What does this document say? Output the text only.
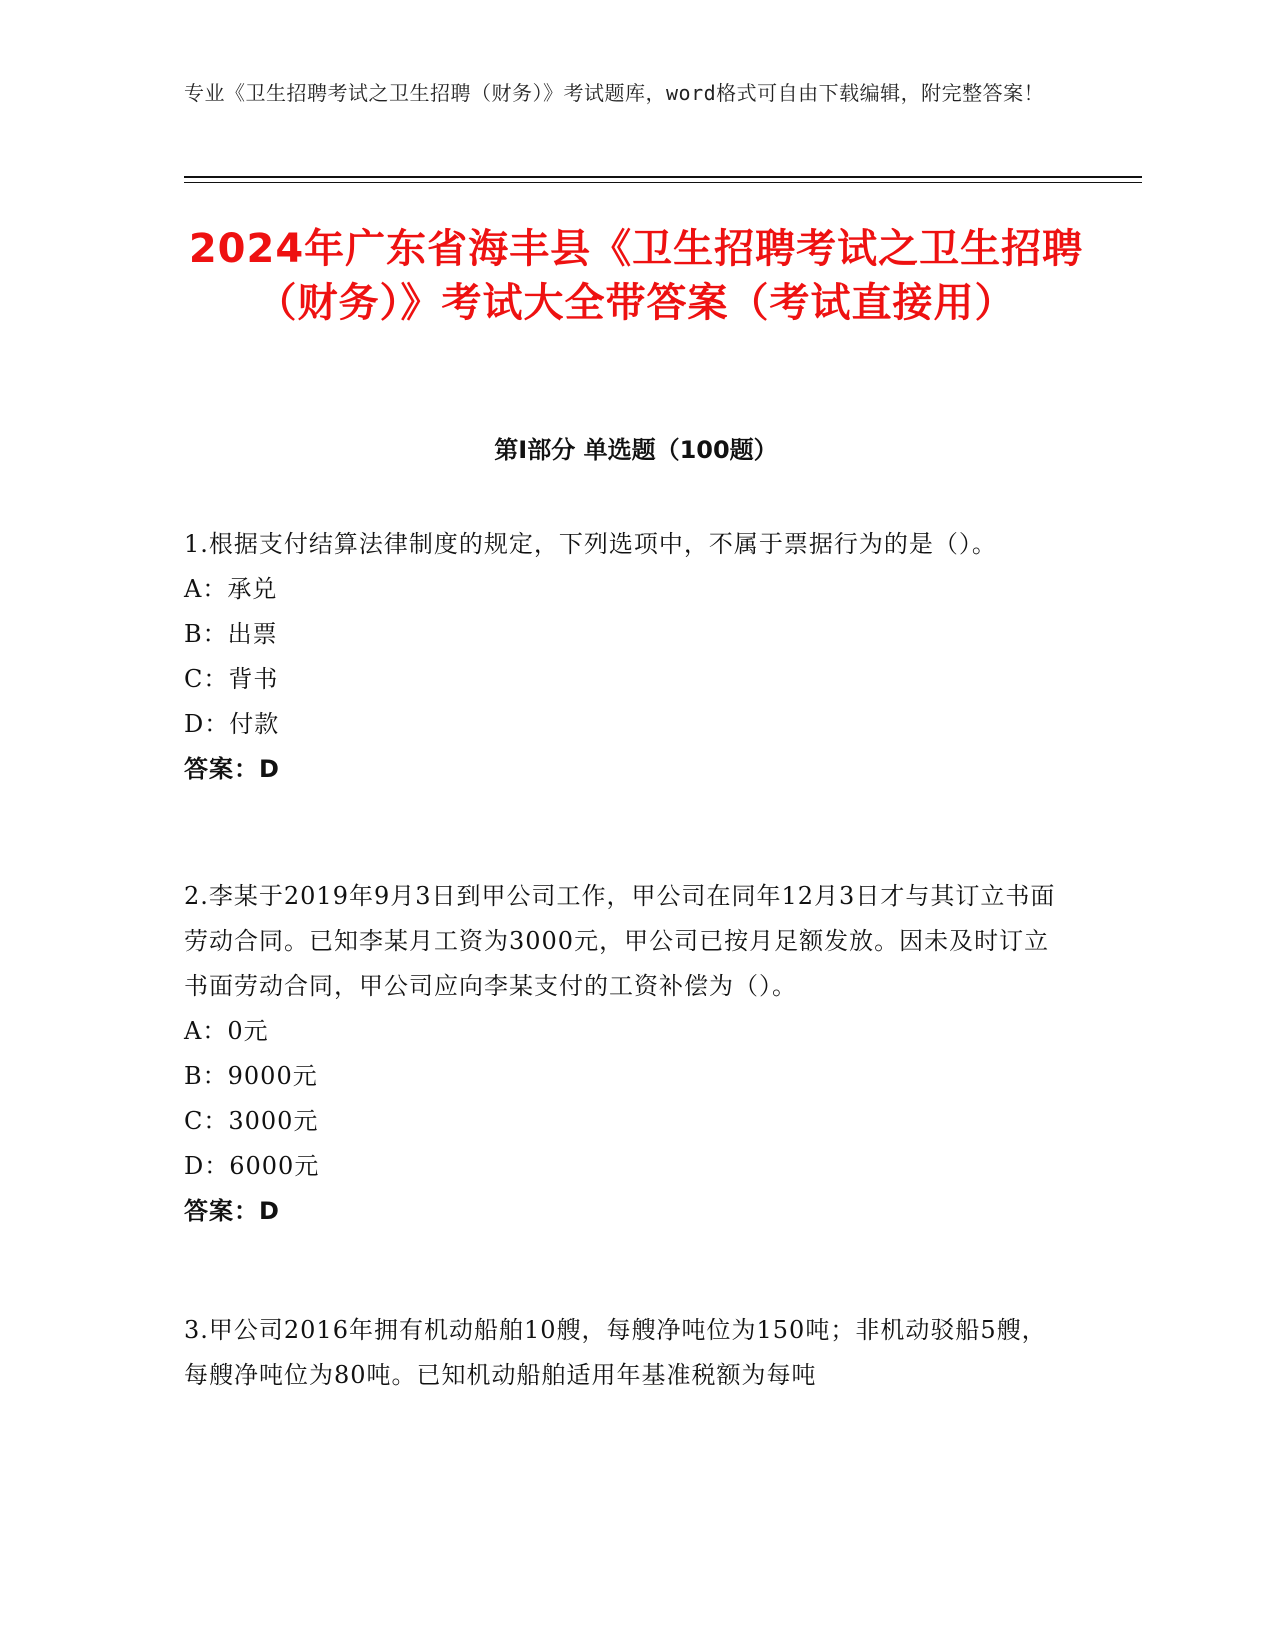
专业《卫生招聘考试之卫生招聘（财务）》考试题库，word格式可自由下载编辑，附完整答案！
2024年广东省海丰县《卫生招聘考试之卫生招聘（财务）》考试大全带答案（考试直接用）
第I部分 单选题（100题）

1.根据支付结算法律制度的规定，下列选项中，不属于票据行为的是（）。

A：承兑

B：出票

C：背书

D：付款

答案：D

2.李某于2019年9月3日到甲公司工作，甲公司在同年12月3日才与其订立书面劳动合同。已知李某月工资为3000元，甲公司已按月足额发放。因未及时订立书面劳动合同，甲公司应向李某支付的工资补偿为（）。

A：0元

B：9000元

C：3000元

D：6000元

答案：D

3.甲公司2016年拥有机动船舶10艘，每艘净吨位为150吨；非机动驳船5艘，每艘净吨位为80吨。已知机动船舶适用年基准税额为每吨
